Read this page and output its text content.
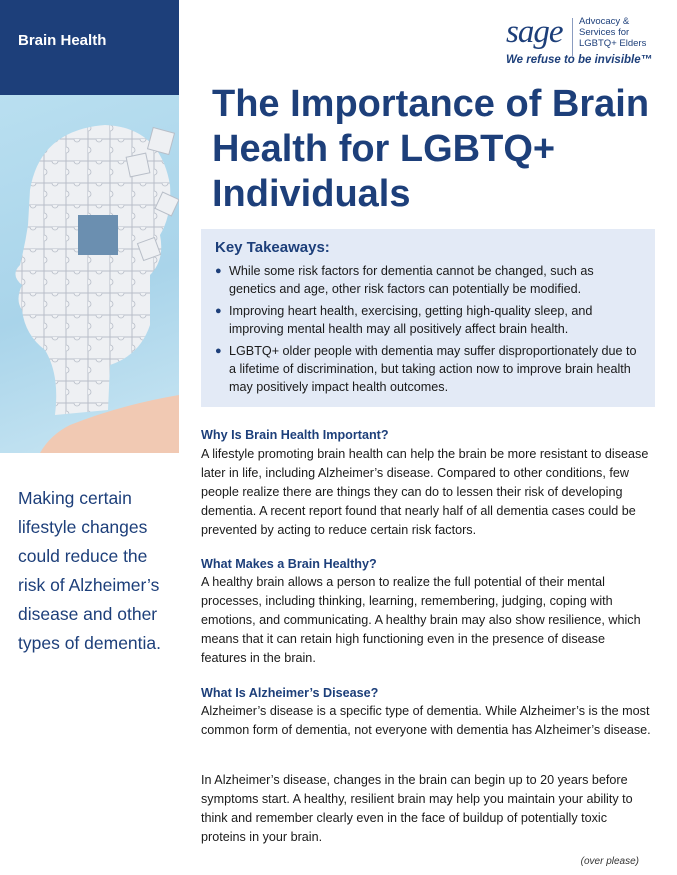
Brain Health
Making certain lifestyle changes could reduce the risk of Alzheimer’s disease and other types of dementia.
sage Advocacy &
Services for
LGBTQ+ Elders
We refuse to be invisible™
The Importance of Brain Health for LGBTQ+ Individuals
Key Takeaways:
● While some risk factors for dementia cannot be changed, such as genetics and age, other risk factors can potentially be modified.
● Improving heart health, exercising, getting high-quality sleep, and improving mental health may all positively affect brain health.
● LGBTQ+ older people with dementia may suffer disproportionately due to a lifetime of discrimination, but taking action now to improve brain health may positively impact health outcomes.
Why Is Brain Health Important?

A lifestyle promoting brain health can help the brain be more resistant to disease later in life, including Alzheimer’s disease. Compared to other conditions, few people realize there are things they can do to lessen their risk of developing dementia. A recent report found that nearly half of all dementia cases could be prevented by acting to reduce certain risk factors.

What Makes a Brain Healthy?

A healthy brain allows a person to realize the full potential of their mental processes, including thinking, learning, remembering, judging, coping with emotions, and communicating. A healthy brain may also show resilience, which means that it can retain high functioning even in the presence of disease features in the brain.

What Is Alzheimer’s Disease?

Alzheimer’s disease is a specific type of dementia. While Alzheimer’s is the most common form of dementia, not everyone with dementia has Alzheimer’s disease.

In Alzheimer’s disease, changes in the brain can begin up to 20 years before symptoms start. A healthy, resilient brain may help you maintain your ability to think and remember clearly even in the face of buildup of potentially toxic proteins in your brain.

(over please)
